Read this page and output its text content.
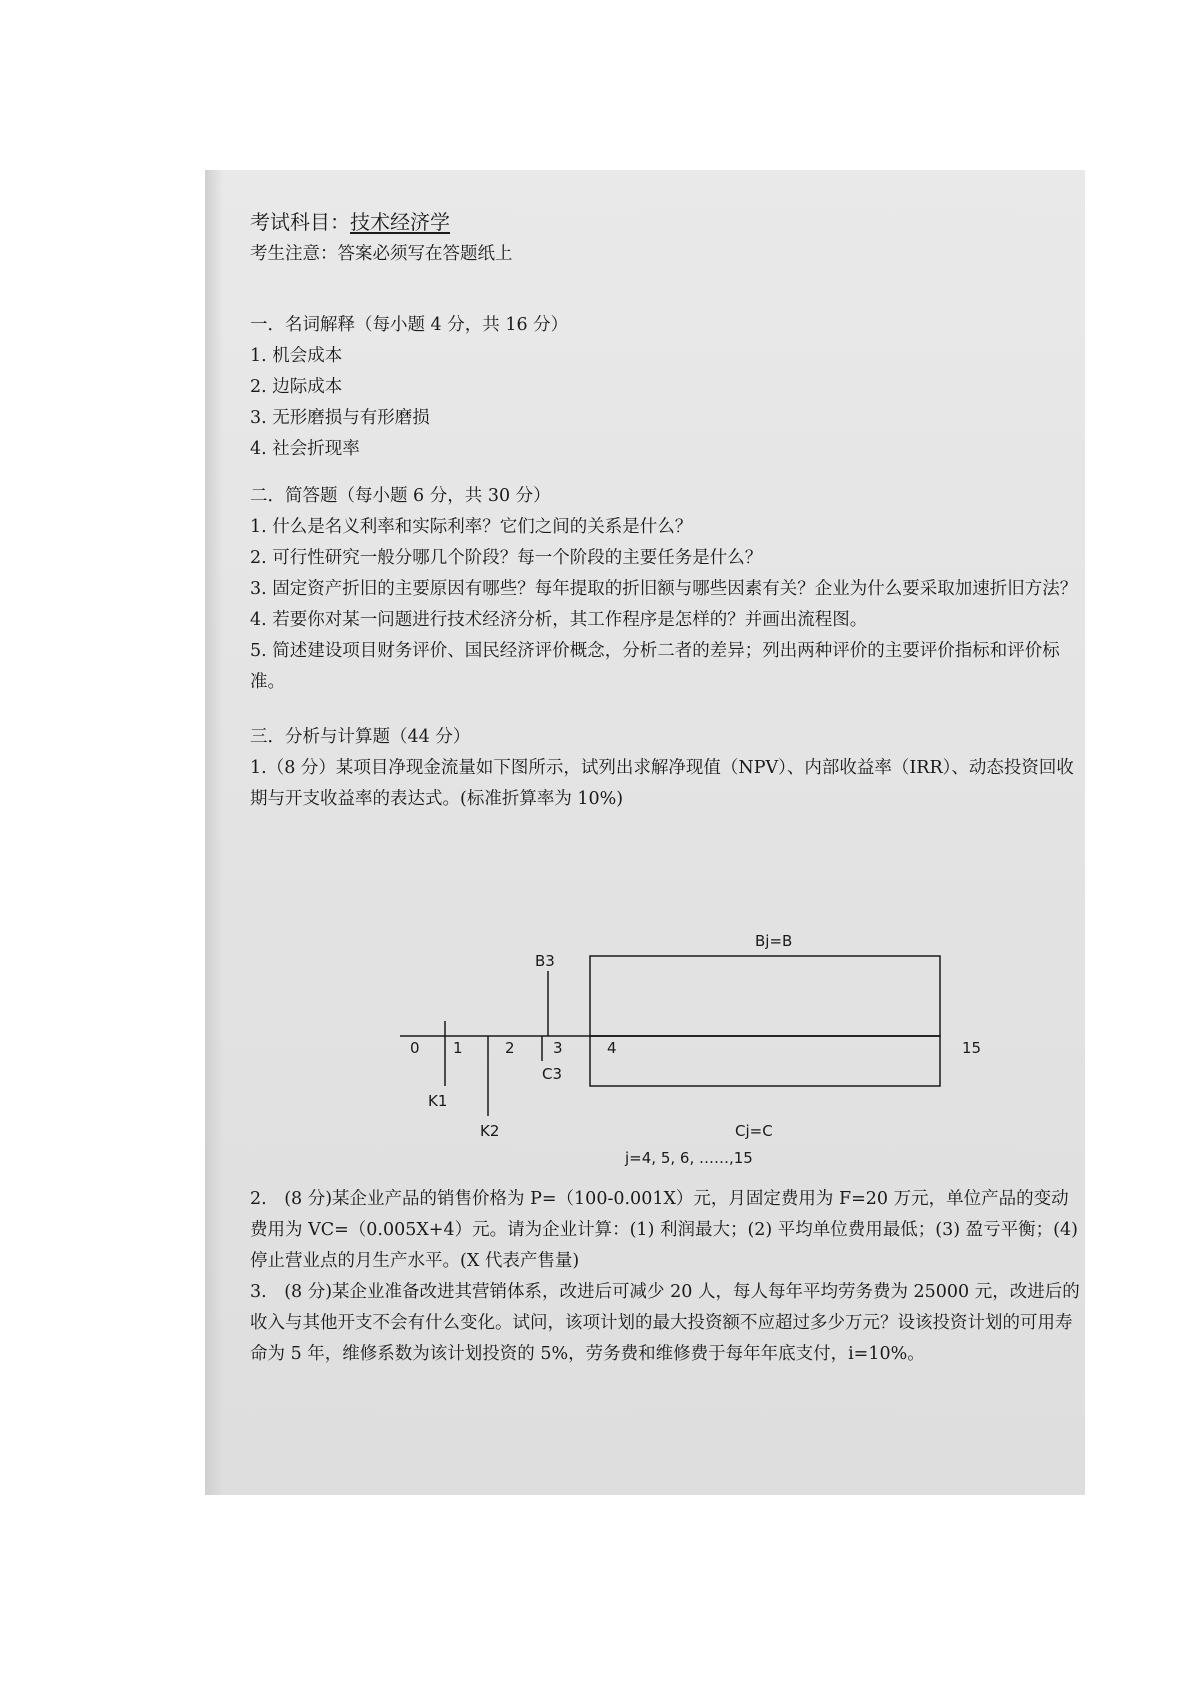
考试科目：技术经济学
考生注意：答案必须写在答题纸上
一．名词解释（每小题 4 分，共 16 分）
1. 机会成本
2. 边际成本
3. 无形磨损与有形磨损
4. 社会折现率
二．简答题（每小题 6 分，共 30 分）
1. 什么是名义利率和实际利率？它们之间的关系是什么？
2. 可行性研究一般分哪几个阶段？每一个阶段的主要任务是什么？
3. 固定资产折旧的主要原因有哪些？每年提取的折旧额与哪些因素有关？企业为什么要采取加速折旧方法？
4. 若要你对某一问题进行技术经济分析，其工作程序是怎样的？并画出流程图。
5. 简述建设项目财务评价、国民经济评价概念，分析二者的差异；列出两种评价的主要评价指标和评价标准。
三．分析与计算题（44 分）
1.（8 分）某项目净现金流量如下图所示，试列出求解净现值（NPV）、内部收益率（IRR）、动态投资回收期与开支收益率的表达式。(标准折算率为 10%)
Bj=B
B3
0 1	2	3	4	15
C3
K1
K2	Cj=C
j=4, 5, 6, ……,15
2.　(8 分)某企业产品的销售价格为 P=（100-0.001X）元，月固定费用为 F=20 万元，单位产品的变动费用为 VC=（0.005X+4）元。请为企业计算：(1) 利润最大；(2) 平均单位费用最低；(3) 盈亏平衡；(4) 停止营业点的月生产水平。(X 代表产售量)
3.　(8 分)某企业准备改进其营销体系，改进后可减少 20 人，每人每年平均劳务费为 25000 元，改进后的收入与其他开支不会有什么变化。试问，该项计划的最大投资额不应超过多少万元？设该投资计划的可用寿命为 5 年，维修系数为该计划投资的 5%，劳务费和维修费于每年年底支付，i=10%。
